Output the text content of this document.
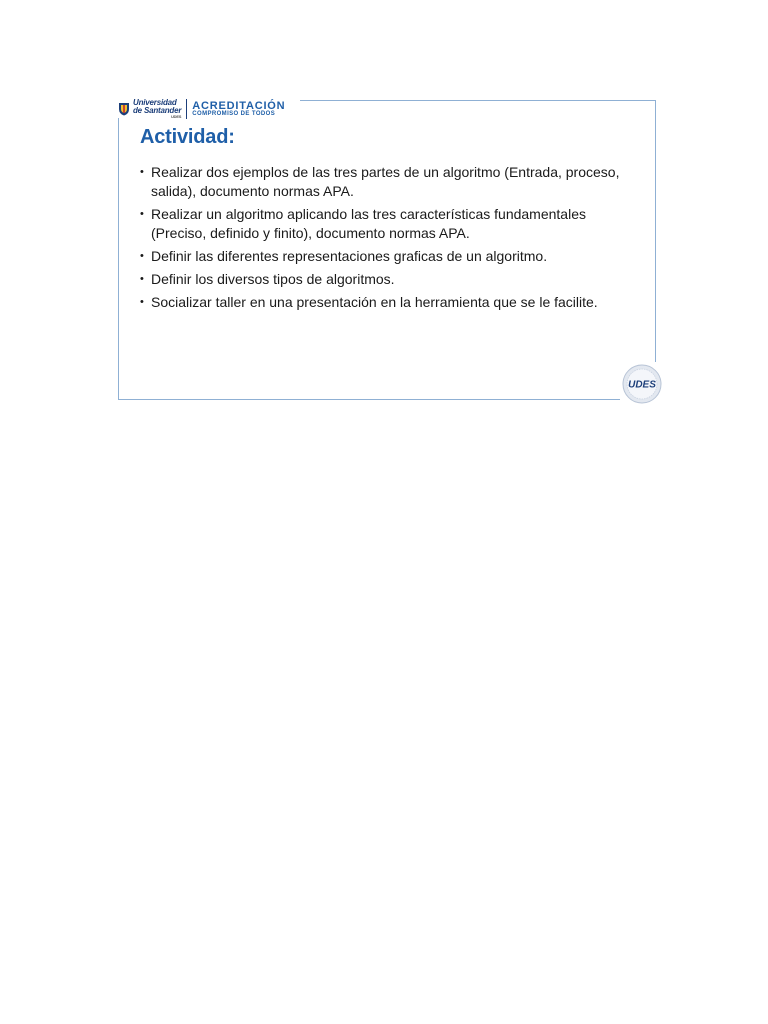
Universidad
de Santander
UDES
ACREDITACIÓN
COMPROMISO DE TODOS
Actividad:
• Realizar dos ejemplos de las tres partes de un algoritmo (Entrada, proceso, salida), documento normas APA.
• Realizar un algoritmo aplicando las tres características fundamentales (Preciso, definido y finito), documento normas APA.
• Definir las diferentes representaciones graficas de un algoritmo.
• Definir los diversos tipos de algoritmos.
• Socializar taller en una presentación en la herramienta que se le facilite.
UDES
